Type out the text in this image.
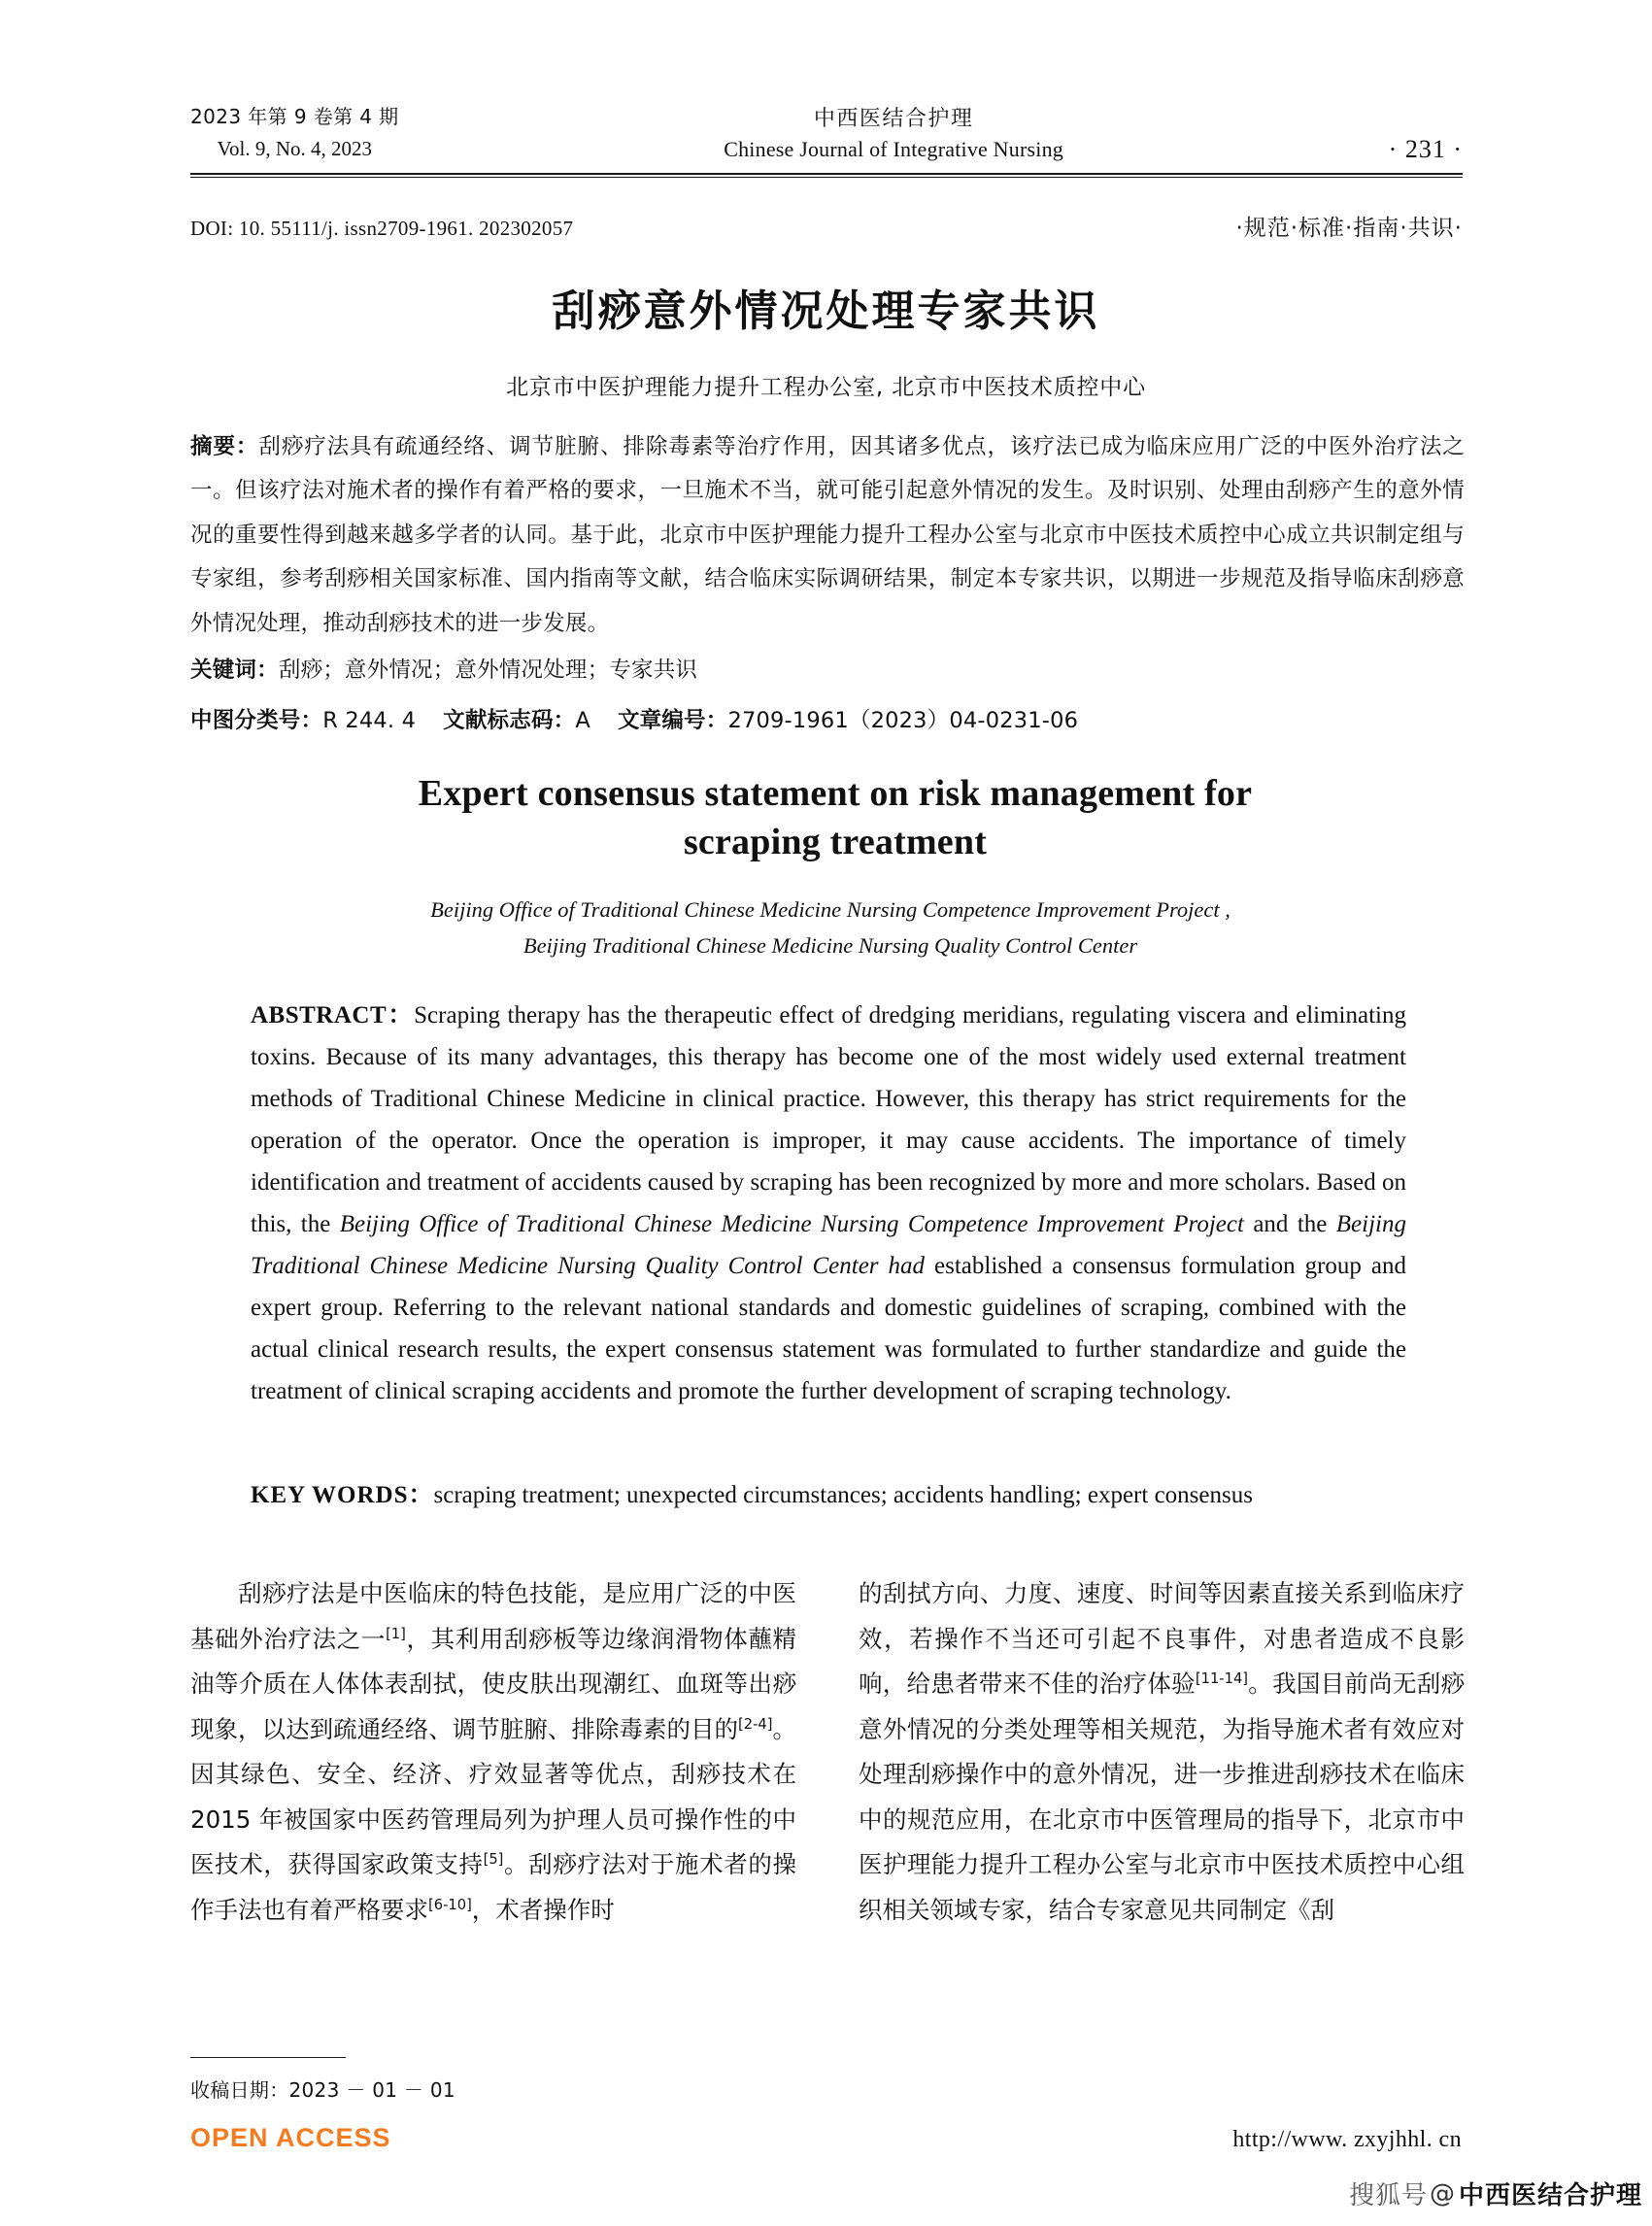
2023 年第 9 卷第 4 期
Vol. 9, No. 4, 2023
中西医结合护理
Chinese Journal of Integrative Nursing	· 231 ·
DOI: 10. 55111/j. issn2709-1961. 202302057	·规范·标准·指南·共识·
刮痧意外情况处理专家共识
北京市中医护理能力提升工程办公室, 北京市中医技术质控中心
摘要：刮痧疗法具有疏通经络、调节脏腑、排除毒素等治疗作用，因其诸多优点，该疗法已成为临床应用广泛的中医外治疗法之一。但该疗法对施术者的操作有着严格的要求，一旦施术不当，就可能引起意外情况的发生。及时识别、处理由刮痧产生的意外情况的重要性得到越来越多学者的认同。基于此，北京市中医护理能力提升工程办公室与北京市中医技术质控中心成立共识制定组与专家组，参考刮痧相关国家标准、国内指南等文献，结合临床实际调研结果，制定本专家共识，以期进一步规范及指导临床刮痧意外情况处理，推动刮痧技术的进一步发展。
关键词：刮痧；意外情况；意外情况处理；专家共识
中图分类号：R 244. 4 文献标志码：A 文章编号：2709-1961（2023）04-0231-06
Expert consensus statement on risk management for
scraping treatment
Beijing Office of Traditional Chinese Medicine Nursing Competence Improvement Project ,
Beijing Traditional Chinese Medicine Nursing Quality Control Center
ABSTRACT：Scraping therapy has the therapeutic effect of dredging meridians, regulating viscera and eliminating toxins. Because of its many advantages, this therapy has become one of the most widely used external treatment methods of Traditional Chinese Medicine in clinical practice. However, this therapy has strict requirements for the operation of the operator. Once the operation is improper, it may cause accidents. The importance of timely identification and treatment of accidents caused by scraping has been recognized by more and more scholars. Based on this, the Beijing Office of Traditional Chinese Medicine Nursing Competence Improvement Project and the Beijing Traditional Chinese Medicine Nursing Quality Control Center had established a consensus formulation group and expert group. Referring to the relevant national standards and domestic guidelines of scraping, combined with the actual clinical research results, the expert consensus statement was formulated to further standardize and guide the treatment of clinical scraping accidents and promote the further development of scraping technology.
KEY WORDS：scraping treatment; unexpected circumstances; accidents handling; expert consensus

刮痧疗法是中医临床的特色技能，是应用广泛的中医基础外治疗法之一[1]，其利用刮痧板等边缘润滑物体蘸精油等介质在人体体表刮拭，使皮肤出现潮红、血斑等出痧现象，以达到疏通经络、调节脏腑、排除毒素的目的[2-4]。因其绿色、安全、经济、疗效显著等优点，刮痧技术在 2015 年被国家中医药管理局列为护理人员可操作性的中医技术，获得国家政策支持[5]。刮痧疗法对于施术者的操作手法也有着严格要求[6-10]，术者操作时

的刮拭方向、力度、速度、时间等因素直接关系到临床疗效，若操作不当还可引起不良事件，对患者造成不良影响，给患者带来不佳的治疗体验[11-14]。我国目前尚无刮痧意外情况的分类处理等相关规范，为指导施术者有效应对处理刮痧操作中的意外情况，进一步推进刮痧技术在临床中的规范应用，在北京市中医管理局的指导下，北京市中医护理能力提升工程办公室与北京市中医技术质控中心组织相关领域专家，结合专家意见共同制定《刮

收稿日期：2023 － 01 － 01
OPEN ACCESS	http://www. zxyjhhl. cn
搜狐号 @ 中西医结合护理
